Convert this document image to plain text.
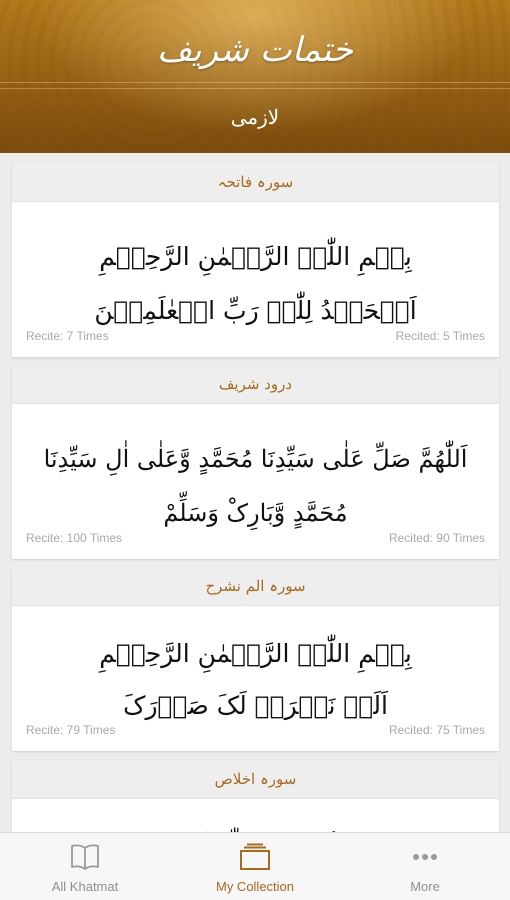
ختمات شریف
لازمی
سورہ فاتحہ
بِسۡمِ اللّٰہِ الرَّحۡمٰنِ الرَّحِیۡمِ
اَلۡحَمۡدُ لِلّٰہِ رَبِّ الۡعٰلَمِیۡنَ
Recite: 7 Times	Recited: 5 Times
درود شریف
اَللّٰھُمَّ صَلِّ عَلٰی سَیِّدِنَا مُحَمَّدٍ وَّعَلٰی اٰلِ سَیِّدِنَا
مُحَمَّدٍ وَّبَارِکْ وَسَلِّمْ
Recite: 100 Times	Recited: 90 Times
سورہ الم نشرح
بِسۡمِ اللّٰہِ الرَّحۡمٰنِ الرَّحِیۡمِ
اَلَمۡ نَشۡرَحۡ لَکَ صَدۡرَکَ
Recite: 79 Times	Recited: 75 Times
سورہ اخلاص
All Khatmat	My Collection	More
